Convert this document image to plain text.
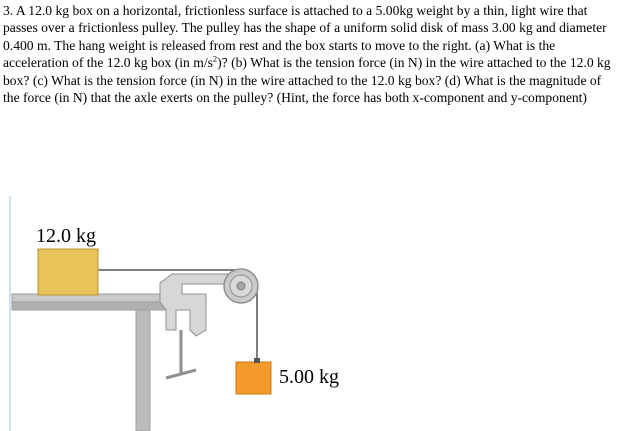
3. A 12.0 kg box on a horizontal, frictionless surface is attached to a 5.00kg weight by a thin, light wire that passes over a frictionless pulley. The pulley has the shape of a uniform solid disk of mass 3.00 kg and diameter 0.400 m. The hang weight is released from rest and the box starts to move to the right. (a) What is the acceleration of the 12.0 kg box (in $m/s^2$)? (b) What is the tension force (in N) in the wire attached to the 12.0 kg box? (c) What is the tension force (in N) in the wire attached to the 12.0 kg box? (d) What is the magnitude of the force (in N) that the axle exerts on the pulley? (Hint, the force has both x-component and y-component)
12.0 kg
5.00 kg
